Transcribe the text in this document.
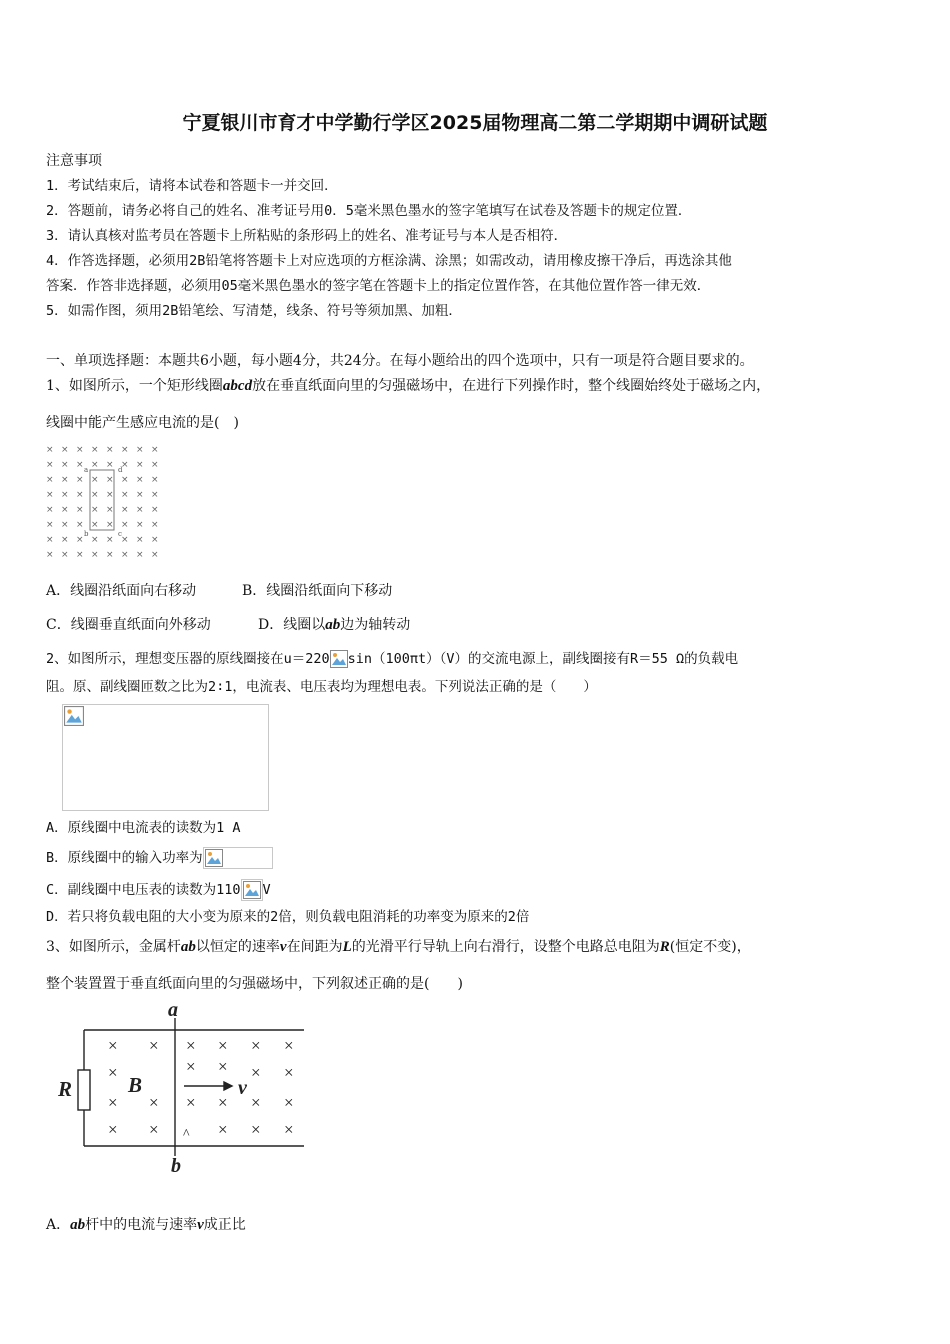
宁夏银川市育才中学勤行学区2025届物理高二第二学期期中调研试题
注意事项
1．考试结束后，请将本试卷和答题卡一并交回．
2．答题前，请务必将自己的姓名、准考证号用0．5毫米黑色墨水的签字笔填写在试卷及答题卡的规定位置．
3．请认真核对监考员在答题卡上所粘贴的条形码上的姓名、准考证号与本人是否相符．
4．作答选择题，必须用2B铅笔将答题卡上对应选项的方框涂满、涂黑；如需改动，请用橡皮擦干净后，再选涂其他
答案．作答非选择题，必须用05毫米黑色墨水的签字笔在答题卡上的指定位置作答，在其他位置作答一律无效．
5．如需作图，须用2B铅笔绘、写清楚，线条、符号等须加黑、加粗．
一、单项选择题：本题共6小题，每小题4分，共24分。在每小题给出的四个选项中，只有一项是符合题目要求的。
1、如图所示，一个矩形线圈abcd放在垂直纸面向里的匀强磁场中，在进行下列操作时，整个线圈始终处于磁场之内，
线圈中能产生感应电流的是(　)
× × × × × × × ×
× × × × × × × ×
× × × × × × × ×
× × × × × × × ×
× × × × × × × ×
× × × × × × × ×
× × × × × × × ×
× × × × × × × ×
a	d
b	c
A．线圈沿纸面向右移动	B．线圈沿纸面向下移动
C．线圈垂直纸面向外移动	D．线圈以ab边为轴转动
2、如图所示，理想变压器的原线圈接在u＝220 sin（100πt）（V）的交流电源上，副线圈接有R＝55 Ω的负载电
阻。原、副线圈匝数之比为2∶1，电流表、电压表均为理想电表。下列说法正确的是（　　）
A．原线圈中电流表的读数为1 A
B．原线圈中的输入功率为
C．副线圈中电压表的读数为110 V
D．若只将负载电阻的大小变为原来的2倍，则负载电阻消耗的功率变为原来的2倍
3、如图所示，金属杆ab以恒定的速率v在间距为L的光滑平行导轨上向右滑行，设整个电路总电阻为R(恒定不变)，
整个装置置于垂直纸面向里的匀强磁场中，下列叙述正确的是(　　)
× × × × × ×
×	× ×
× × × × × ×
× ×	× × ×
× ×
a
b
R	B	v
^
A．ab杆中的电流与速率v成正比
